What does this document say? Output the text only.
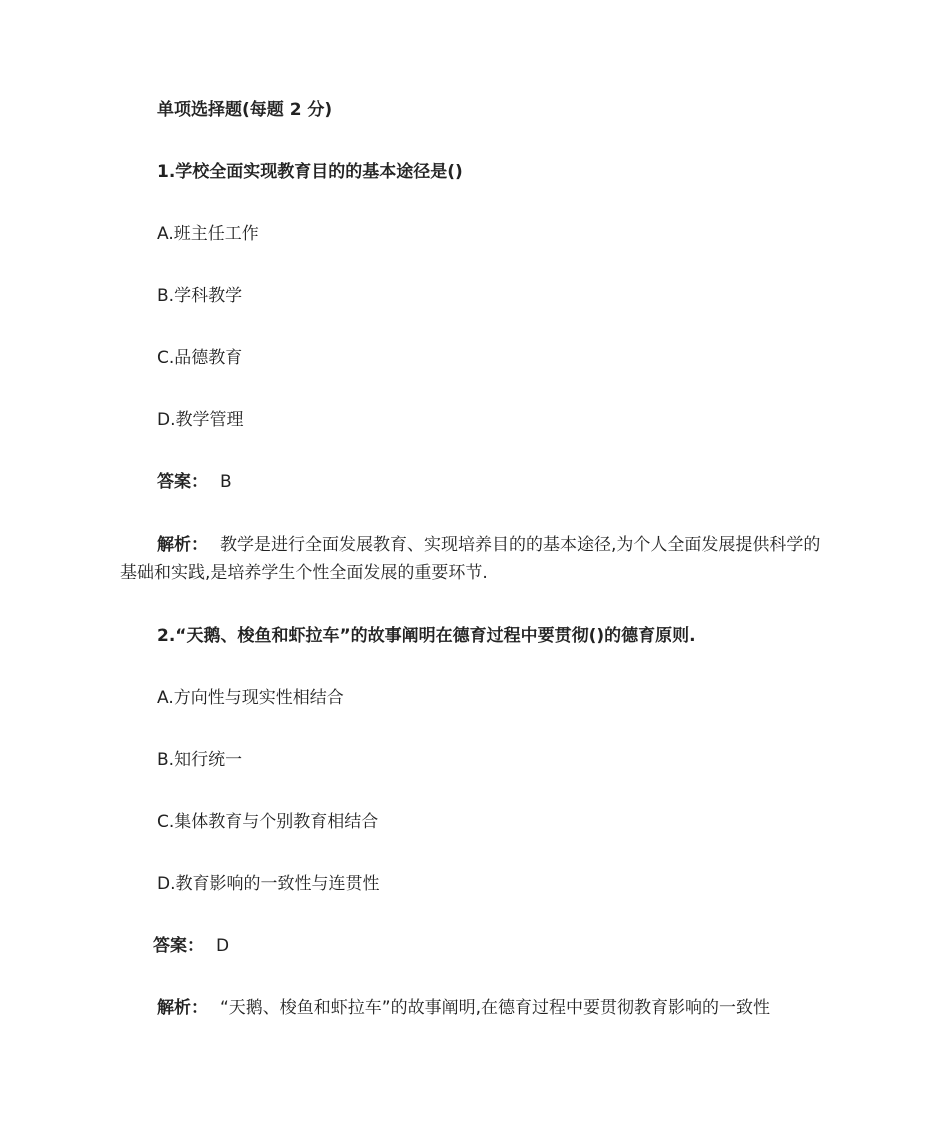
单项选择题(每题 2 分)
1.学校全面实现教育目的的基本途径是()
A.班主任工作
B.学科教学
C.品德教育
D.教学管理
答案： B
解析： 教学是进行全面发展教育、实现培养目的的基本途径,为个人全面发展提供科学的基础和实践,是培养学生个性全面发展的重要环节.
2.“天鹅、梭鱼和虾拉车”的故事阐明在德育过程中要贯彻()的德育原则.
A.方向性与现实性相结合
B.知行统一
C.集体教育与个别教育相结合
D.教育影响的一致性与连贯性
答案： D
解析： “天鹅、梭鱼和虾拉车”的故事阐明,在德育过程中要贯彻教育影响的一致性
